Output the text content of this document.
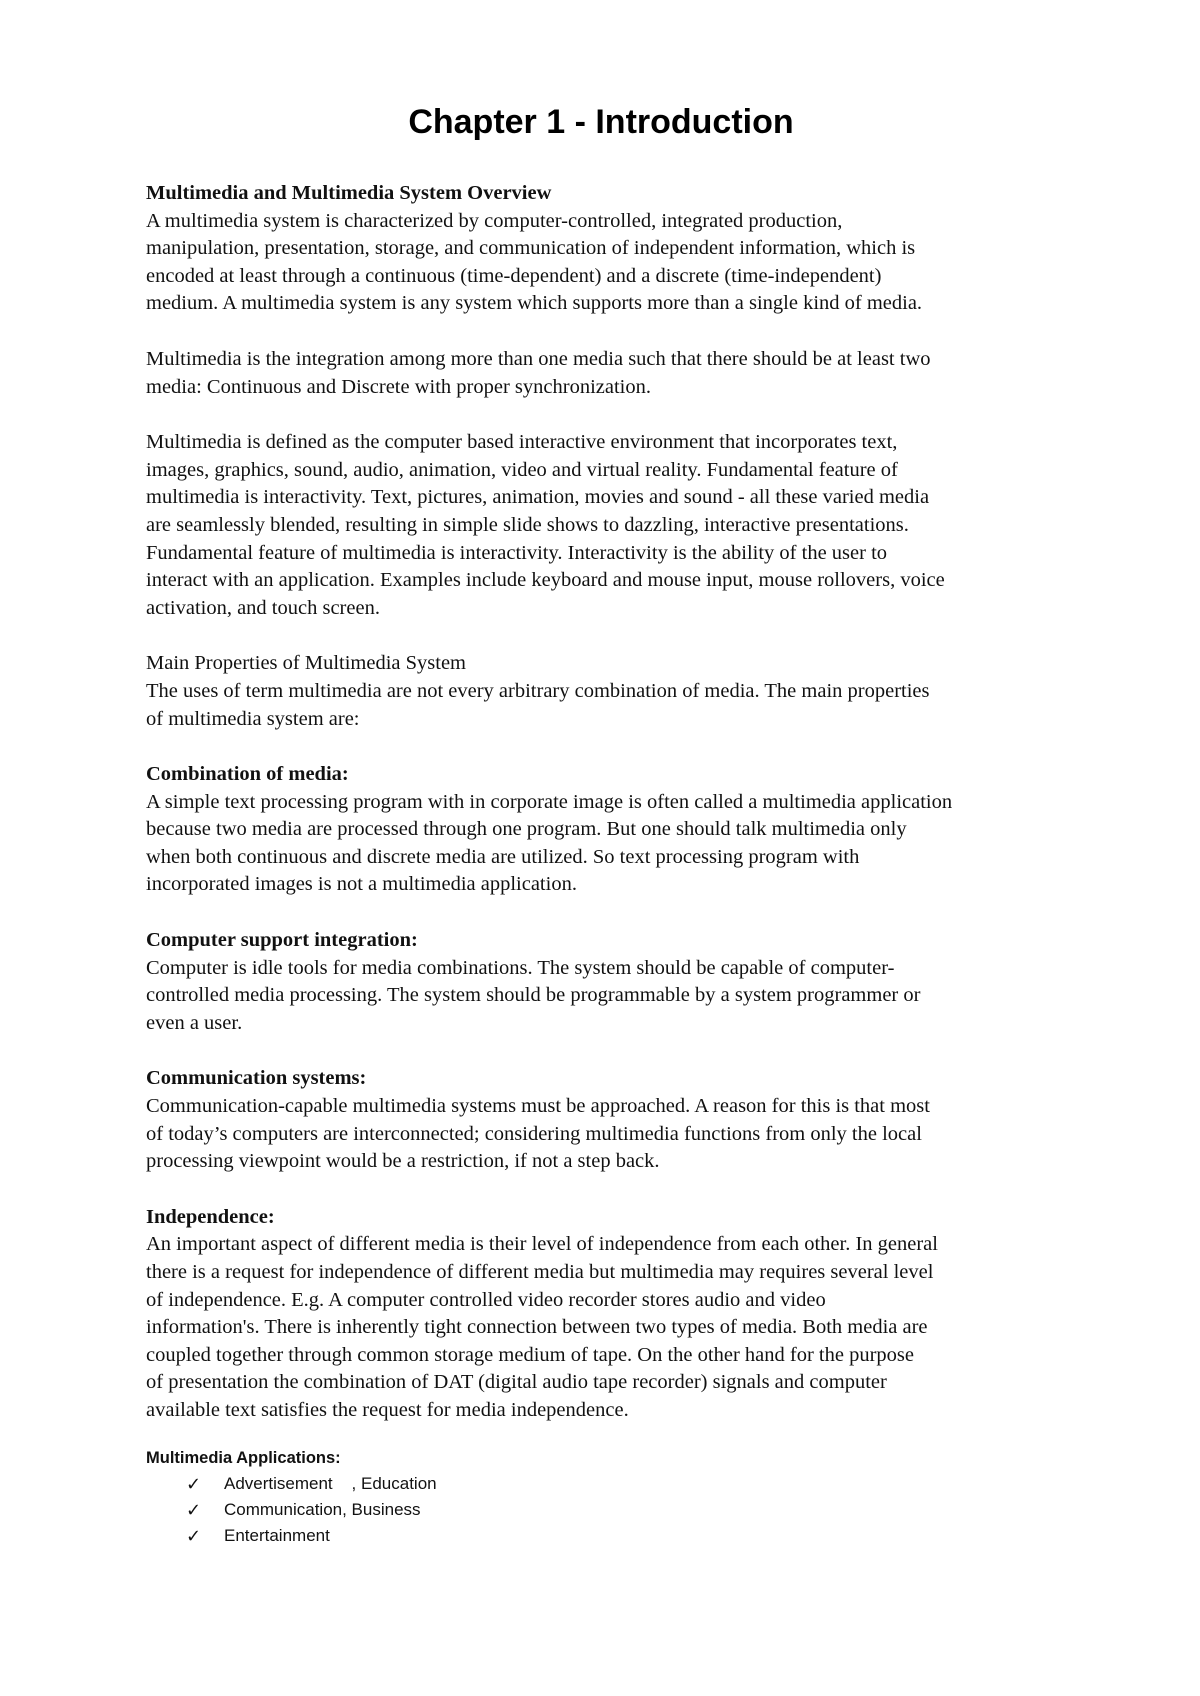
Chapter 1 - Introduction
Multimedia and Multimedia System Overview
A multimedia system is characterized by computer-controlled, integrated production,
manipulation, presentation, storage, and communication of independent information, which is
encoded at least through a continuous (time-dependent) and a discrete (time-independent)
medium. A multimedia system is any system which supports more than a single kind of media.
Multimedia is the integration among more than one media such that there should be at least two
media: Continuous and Discrete with proper synchronization.
Multimedia is defined as the computer based interactive environment that incorporates text,
images, graphics, sound, audio, animation, video and virtual reality. Fundamental feature of
multimedia is interactivity. Text, pictures, animation, movies and sound - all these varied media
are seamlessly blended, resulting in simple slide shows to dazzling, interactive presentations.
Fundamental feature of multimedia is interactivity. Interactivity is the ability of the user to
interact with an application. Examples include keyboard and mouse input, mouse rollovers, voice
activation, and touch screen.
Main Properties of Multimedia System
The uses of term multimedia are not every arbitrary combination of media. The main properties
of multimedia system are:
Combination of media:
A simple text processing program with in corporate image is often called a multimedia application
because two media are processed through one program. But one should talk multimedia only
when both continuous and discrete media are utilized. So text processing program with
incorporated images is not a multimedia application.
Computer support integration:
Computer is idle tools for media combinations. The system should be capable of computer-
controlled media processing. The system should be programmable by a system programmer or
even a user.
Communication systems:
Communication-capable multimedia systems must be approached. A reason for this is that most
of today’s computers are interconnected; considering multimedia functions from only the local
processing viewpoint would be a restriction, if not a step back.
Independence:
An important aspect of different media is their level of independence from each other. In general
there is a request for independence of different media but multimedia may requires several level
of independence. E.g. A computer controlled video recorder stores audio and video
information's. There is inherently tight connection between two types of media. Both media are
coupled together through common storage medium of tape. On the other hand for the purpose
of presentation the combination of DAT (digital audio tape recorder) signals and computer
available text satisfies the request for media independence.
Multimedia Applications:
✓	Advertisement    , Education
✓	Communication, Business
✓	Entertainment
